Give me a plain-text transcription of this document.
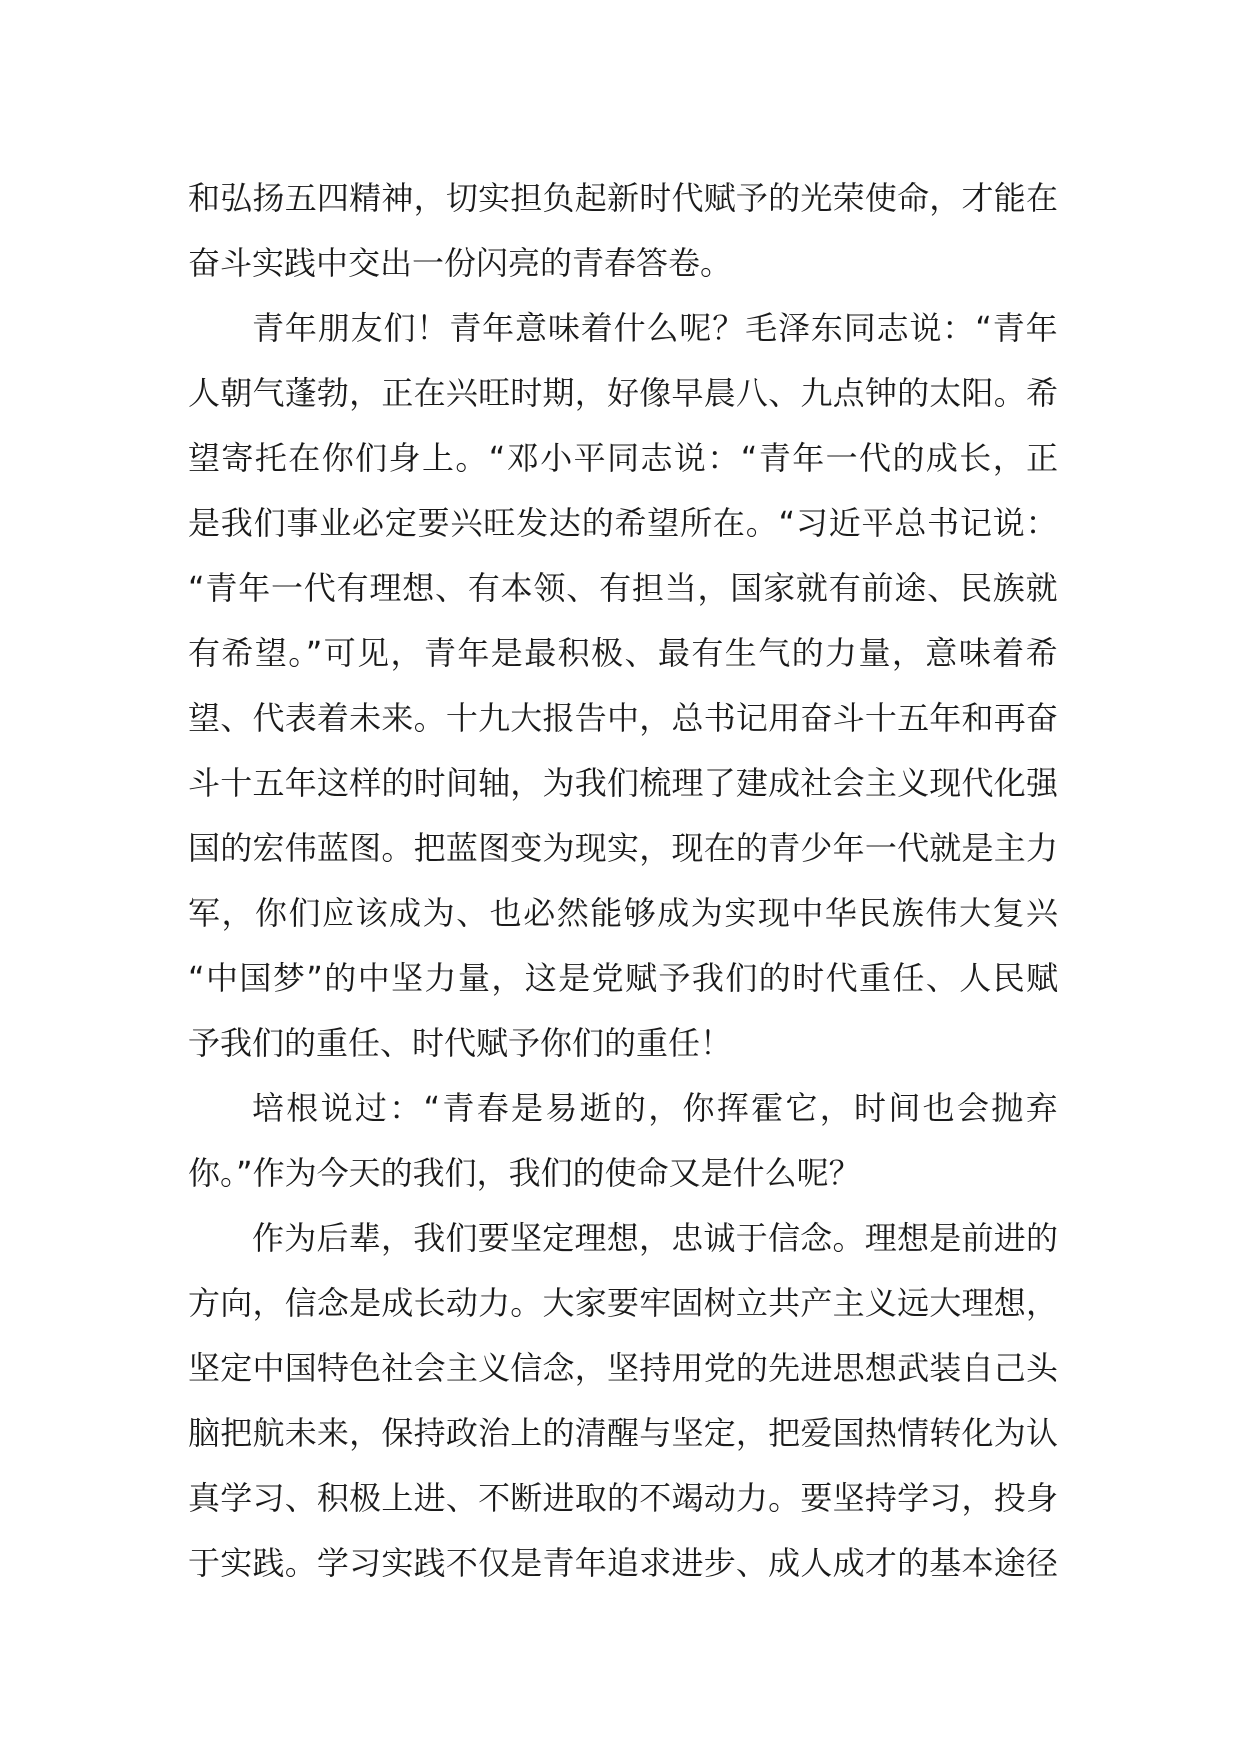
和弘扬五四精神，切实担负起新时代赋予的光荣使命，才能在
奋斗实践中交出一份闪亮的青春答卷。
青年朋友们！青年意味着什么呢？毛泽东同志说：“青年
人朝气蓬勃，正在兴旺时期，好像早晨八、九点钟的太阳。希
望寄托在你们身上。“邓小平同志说：“青年一代的成长，正
是我们事业必定要兴旺发达的希望所在。“习近平总书记说：
“青年一代有理想、有本领、有担当，国家就有前途、民族就
有希望。”可见，青年是最积极、最有生气的力量，意味着希
望、代表着未来。十九大报告中，总书记用奋斗十五年和再奋
斗十五年这样的时间轴，为我们梳理了建成社会主义现代化强
国的宏伟蓝图。把蓝图变为现实，现在的青少年一代就是主力
军，你们应该成为、也必然能够成为实现中华民族伟大复兴
“中国梦”的中坚力量，这是党赋予我们的时代重任、人民赋
予我们的重任、时代赋予你们的重任！
培根说过：“青春是易逝的，你挥霍它，时间也会抛弃
你。”作为今天的我们，我们的使命又是什么呢？
作为后辈，我们要坚定理想，忠诚于信念。理想是前进的
方向，信念是成长动力。大家要牢固树立共产主义远大理想，
坚定中国特色社会主义信念，坚持用党的先进思想武装自己头
脑把航未来，保持政治上的清醒与坚定，把爱国热情转化为认
真学习、积极上进、不断进取的不竭动力。要坚持学习，投身
于实践。学习实践不仅是青年追求进步、成人成才的基本途径
